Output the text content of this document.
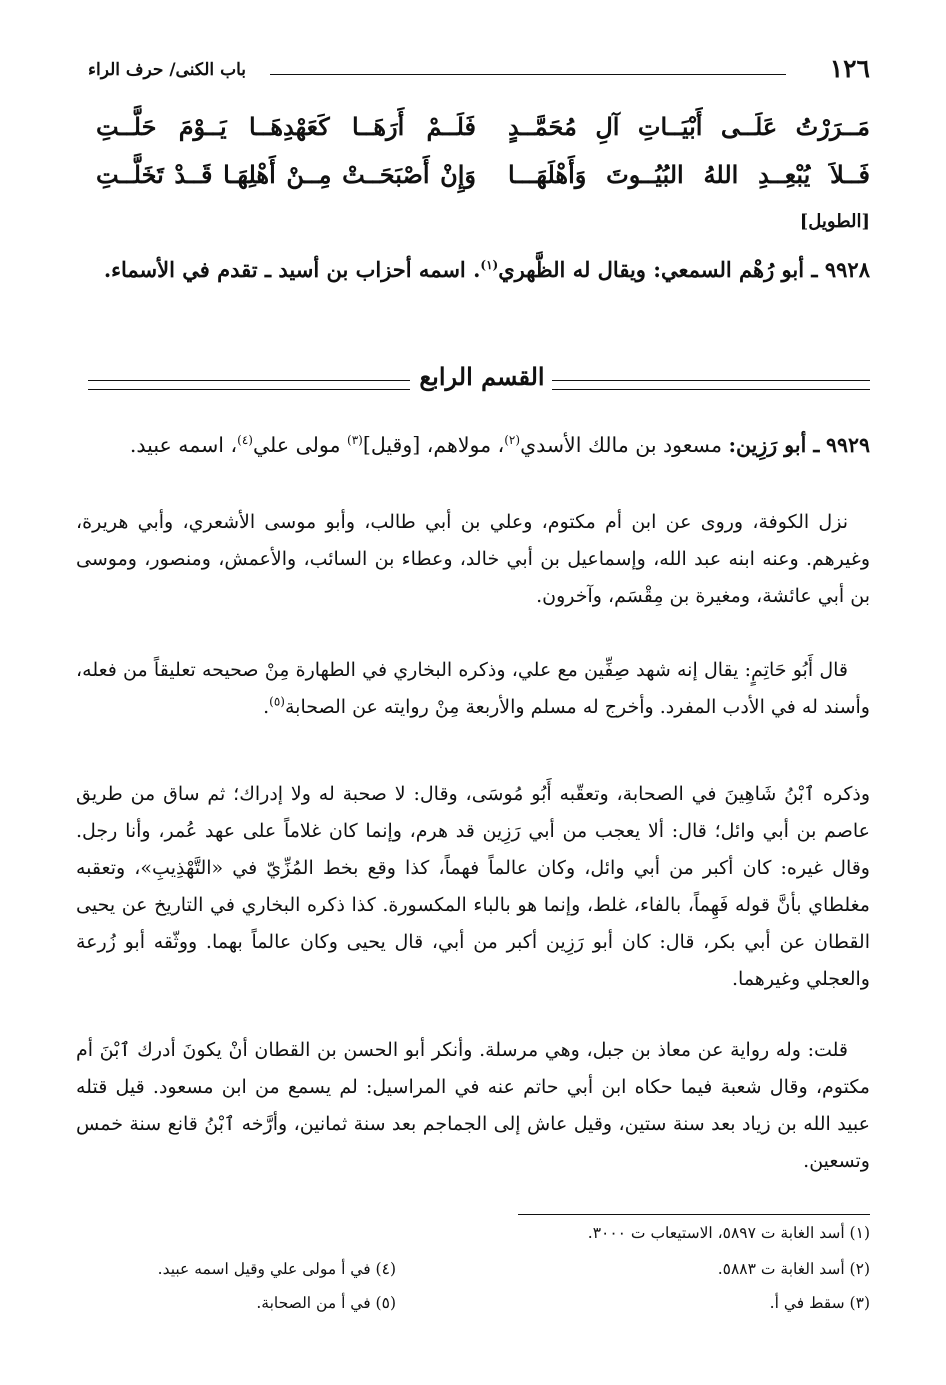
١٢٦
باب الكنى/ حرف الراء
مَــرَرْتُ عَلَــى أَبْيَــاتِ آلِ مُحَمَّــدٍ
فَلَــمْ أَرَهَــا كَعَهْدِهَــا يَــوْمَ حَلَّــتِ
فَــلاَ يُبْعِــدِ اللهُ البُيُــوتَ وَأَهْلَهَـــا
وَإِنْ أَصْبَحَــتْ مِــنْ أَهْلِهَـا قَــدْ تَخَلَّــتِ
[الطويل]
٩٩٢٨ ـ أبو رُهْم السمعي: ويقال له الظَّهري$^{(١)}$. اسمه أحزاب بن أسيد ـ تقدم في الأسماء.
القسم الرابع
٩٩٢٩ ـ أبو رَزِين: مسعود بن مالك الأسدي$^{(٢)}$، مولاهم، [وقيل]$^{(٣)}$ مولى علي$^{(٤)}$، اسمه عبيد.

نزل الكوفة، وروى عن ابن أم مكتوم، وعلي بن أبي طالب، وأبو موسى الأشعري، وأبي هريرة، وغيرهم. وعنه ابنه عبد الله، وإسماعيل بن أبي خالد، وعطاء بن السائب، والأعمش، ومنصور، وموسى بن أبي عائشة، ومغيرة بن مِقْسَم، وآخرون.

قال أَبُو حَاتِمٍ: يقال إنه شهد صِفِّين مع علي، وذكره البخاري في الطهارة مِنْ صحيحه تعليقاً من فعله، وأسند له في الأدب المفرد. وأخرج له مسلم والأربعة مِنْ روايته عن الصحابة$^{(٥)}$.

وذكره ٱبْنُ شَاهِينَ في الصحابة، وتعقّبه أَبُو مُوسَى، وقال: لا صحبة له ولا إدراك؛ ثم ساق من طريق عاصم بن أبي وائل؛ قال: ألا يعجب من أبي رَزِين قد هرم، وإنما كان غلاماً على عهد عُمر، وأنا رجل. وقال غيره: كان أكبر من أبي وائل، وكان عالماً فهماً، كذا وقع بخط المُزِّيّ في «التَّهْذِيبِ»، وتعقبه مغلطاي بأنَّ قوله فَهِماً، بالفاء، غلط، وإنما هو بالباء المكسورة. كذا ذكره البخاري في التاريخ عن يحيى القطان عن أبي بكر، قال: كان أبو رَزِين أكبر من أبي، قال يحيى وكان عالماً بهما. ووثّقه أبو زُرعة والعجلي وغيرهما.

قلت: وله رواية عن معاذ بن جبل، وهي مرسلة. وأنكر أبو الحسن بن القطان أنْ يكونَ أدرك ٱبْنَ أم مكتوم، وقال شعبة فيما حكاه ابن أبي حاتم عنه في المراسيل: لم يسمع من ابن مسعود. قيل قتله عبيد الله بن زياد بعد سنة ستين، وقيل عاش إلى الجماجم بعد سنة ثمانين، وأرَّخه ٱبْنُ قانع سنة خمس وتسعين.

(١) أسد الغابة ت ٥٨٩٧، الاستيعاب ت ٣٠٠٠.
(٢) أسد الغابة ت ٥٨٨٣.
(٣) سقط في أ.
(٤) في أ مولى علي وقيل اسمه عبيد.
(٥) في أ من الصحابة.
